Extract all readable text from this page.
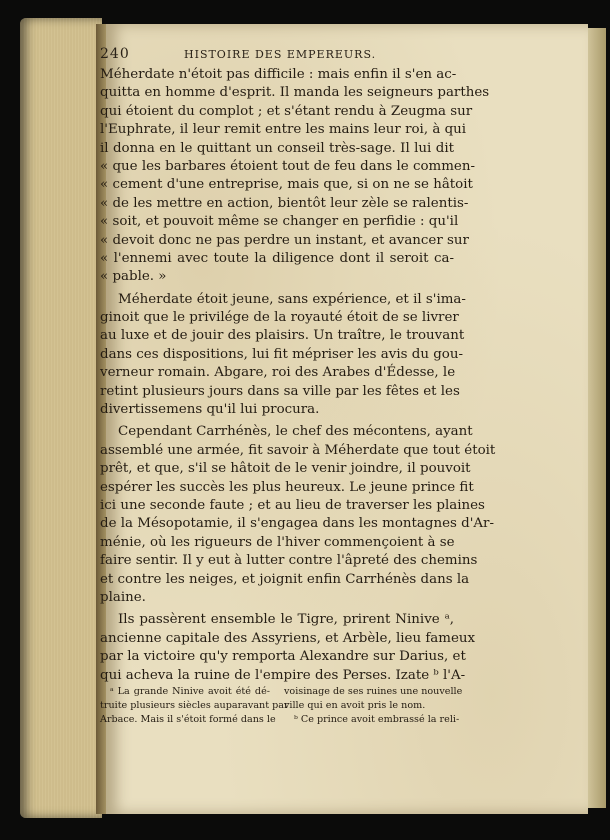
240	HISTOIRE DES EMPEREURS.
Méherdate n'étoit pas difficile : mais enfin il s'en ac-
quitta en homme d'esprit. Il manda les seigneurs parthes
qui étoient du complot ; et s'étant rendu à Zeugma sur
l'Euphrate, il leur remit entre les mains leur roi, à qui
il donna en le quittant un conseil très-sage. Il lui dit
« que les barbares étoient tout de feu dans le commen-
« cement d'une entreprise, mais que, si on ne se hâtoit
« de les mettre en action, bientôt leur zèle se ralentis-
« soit, et pouvoit même se changer en perfidie : qu'il
« devoit donc ne pas perdre un instant, et avancer sur
« l'ennemi avec toute la diligence dont il seroit ca-
« pable. »
Méherdate étoit jeune, sans expérience, et il s'ima-
ginoit que le privilége de la royauté étoit de se livrer
au luxe et de jouir des plaisirs. Un traître, le trouvant
dans ces dispositions, lui fit mépriser les avis du gou-
verneur romain. Abgare, roi des Arabes d'Édesse, le
retint plusieurs jours dans sa ville par les fêtes et les
divertissemens qu'il lui procura.
Cependant Carrhénès, le chef des mécontens, ayant
assemblé une armée, fit savoir à Méherdate que tout étoit
prêt, et que, s'il se hâtoit de le venir joindre, il pouvoit
espérer les succès les plus heureux. Le jeune prince fit
ici une seconde faute ; et au lieu de traverser les plaines
de la Mésopotamie, il s'engagea dans les montagnes d'Ar-
ménie, où les rigueurs de l'hiver commençoient à se
faire sentir. Il y eut à lutter contre l'âpreté des chemins
et contre les neiges, et joignit enfin Carrhénès dans la
plaine.
Ils passèrent ensemble le Tigre, prirent Ninive ᵃ,
ancienne capitale des Assyriens, et Arbèle, lieu fameux
par la victoire qu'y remporta Alexandre sur Darius, et
qui acheva la ruine de l'empire des Perses. Izate ᵇ l'A-
ᵃ La grande Ninive avoit été dé-
truite plusieurs siècles auparavant par
Arbace. Mais il s'étoit formé dans le
voisinage de ses ruines une nouvelle
ville qui en avoit pris le nom.
ᵇ Ce prince avoit embrassé la reli-
